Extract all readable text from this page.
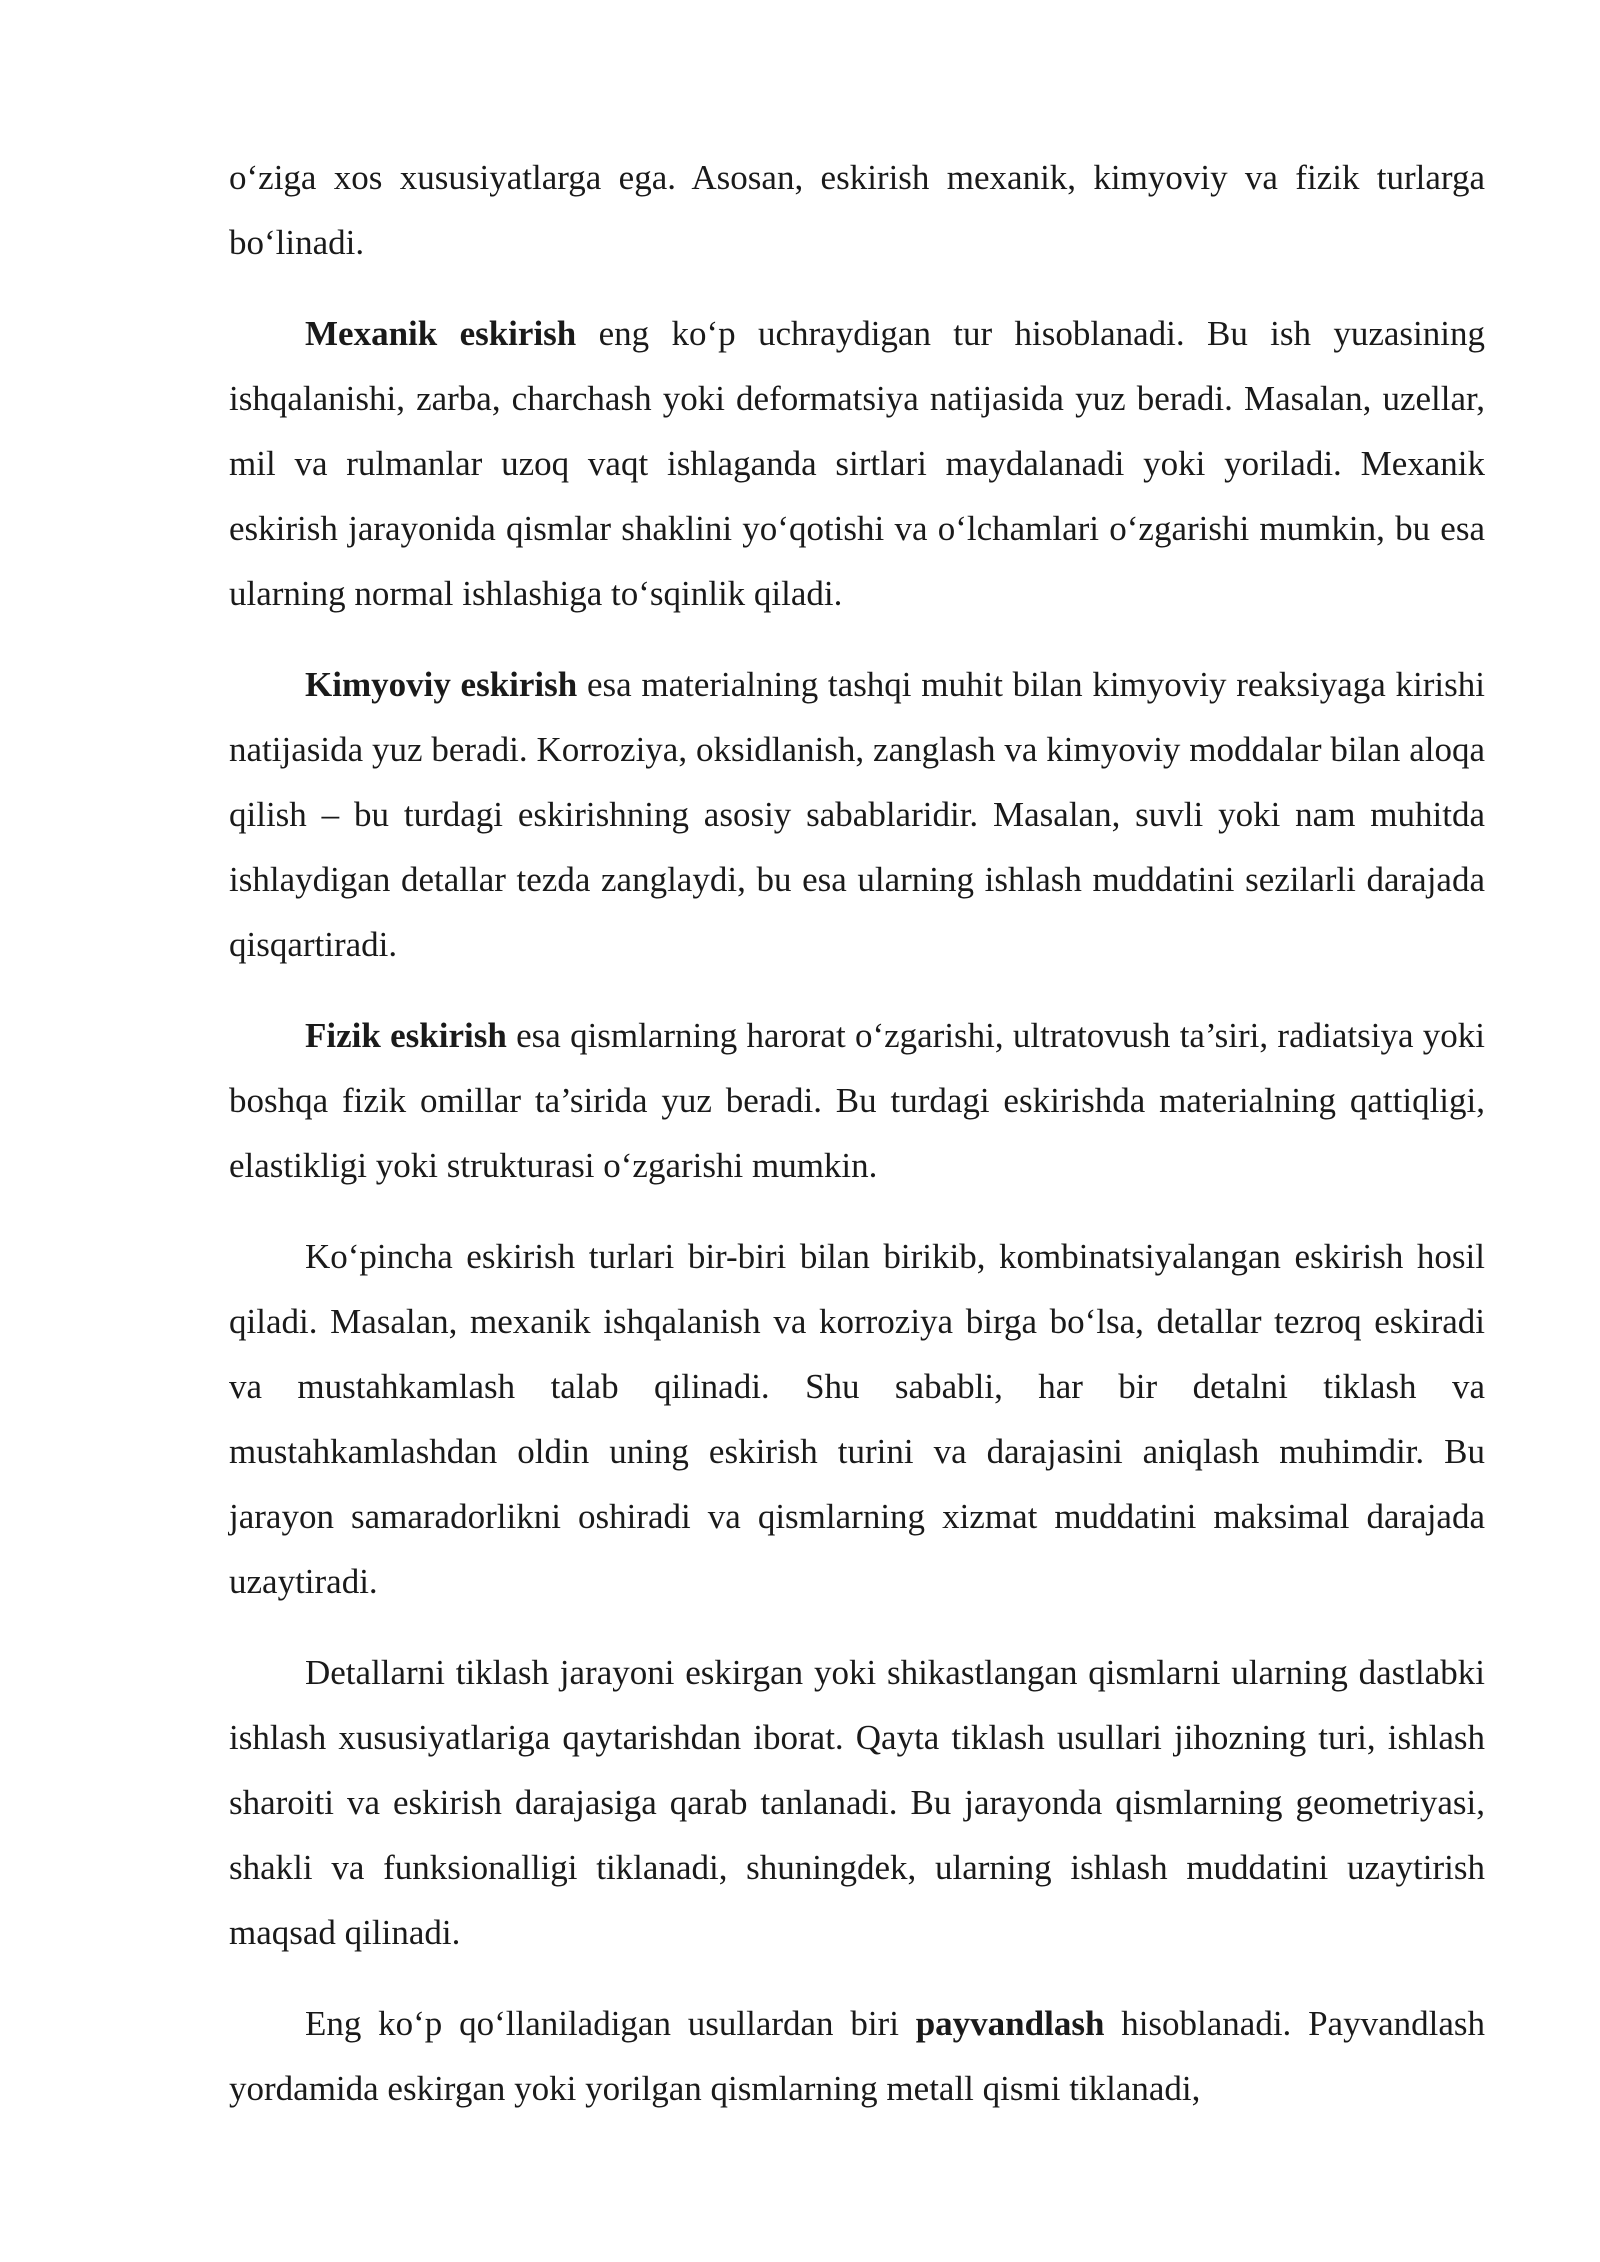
o‘ziga xos xususiyatlarga ega. Asosan, eskirish mexanik, kimyoviy va fizik turlarga bo‘linadi.

Mexanik eskirish eng ko‘p uchraydigan tur hisoblanadi. Bu ish yuzasining ishqalanishi, zarba, charchash yoki deformatsiya natijasida yuz beradi. Masalan, uzellar, mil va rulmanlar uzoq vaqt ishlaganda sirtlari maydalanadi yoki yoriladi. Mexanik eskirish jarayonida qismlar shaklini yo‘qotishi va o‘lchamlari o‘zgarishi mumkin, bu esa ularning normal ishlashiga to‘sqinlik qiladi.

Kimyoviy eskirish esa materialning tashqi muhit bilan kimyoviy reaksiyaga kirishi natijasida yuz beradi. Korroziya, oksidlanish, zanglash va kimyoviy moddalar bilan aloqa qilish – bu turdagi eskirishning asosiy sabablaridir. Masalan, suvli yoki nam muhitda ishlaydigan detallar tezda zanglaydi, bu esa ularning ishlash muddatini sezilarli darajada qisqartiradi.

Fizik eskirish esa qismlarning harorat o‘zgarishi, ultratovush ta’siri, radiatsiya yoki boshqa fizik omillar ta’sirida yuz beradi. Bu turdagi eskirishda materialning qattiqligi, elastikligi yoki strukturasi o‘zgarishi mumkin.

Ko‘pincha eskirish turlari bir-biri bilan birikib, kombinatsiyalangan eskirish hosil qiladi. Masalan, mexanik ishqalanish va korroziya birga bo‘lsa, detallar tezroq eskiradi va mustahkamlash talab qilinadi. Shu sababli, har bir detalni tiklash va mustahkamlashdan oldin uning eskirish turini va darajasini aniqlash muhimdir. Bu jarayon samaradorlikni oshiradi va qismlarning xizmat muddatini maksimal darajada uzaytiradi.

Detallarni tiklash jarayoni eskirgan yoki shikastlangan qismlarni ularning dastlabki ishlash xususiyatlariga qaytarishdan iborat. Qayta tiklash usullari jihozning turi, ishlash sharoiti va eskirish darajasiga qarab tanlanadi. Bu jarayonda qismlarning geometriyasi, shakli va funksionalligi tiklanadi, shuningdek, ularning ishlash muddatini uzaytirish maqsad qilinadi.

Eng ko‘p qo‘llaniladigan usullardan biri payvandlash hisoblanadi. Payvandlash yordamida eskirgan yoki yorilgan qismlarning metall qismi tiklanadi,
